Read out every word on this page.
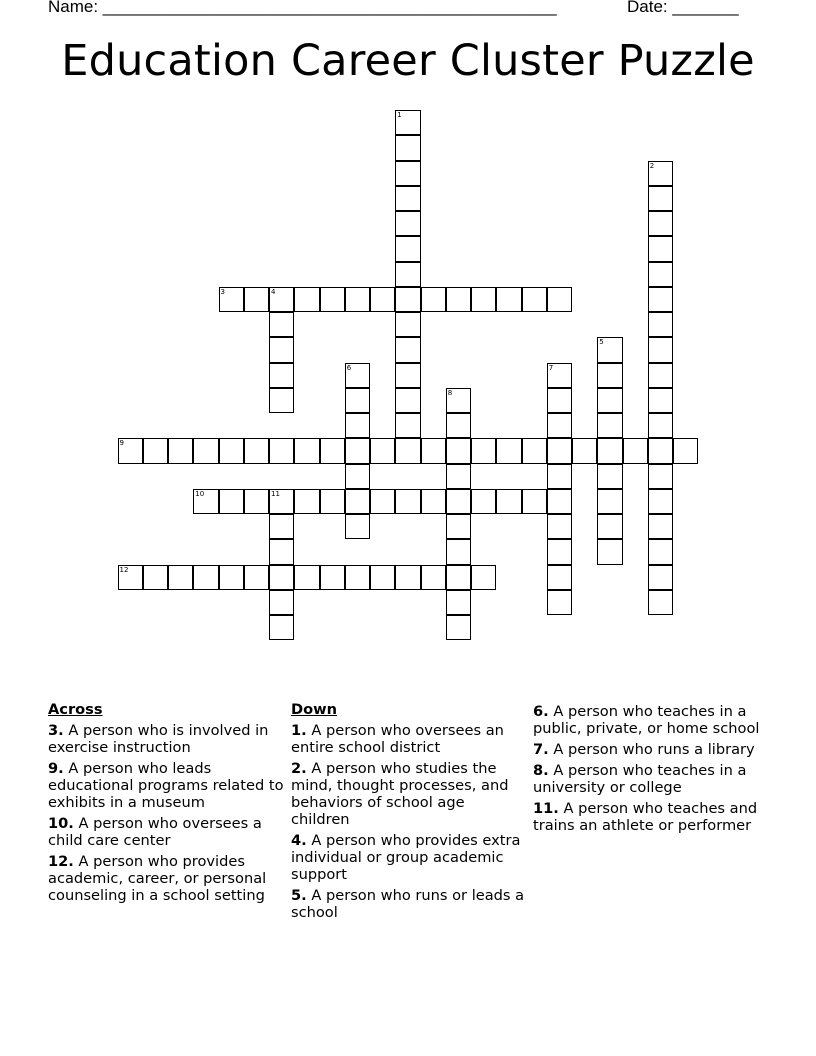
Name: ________________________________________________	Date: _______
Education Career Cluster Puzzle
1
2
3	4
5
6	7
8
9
10	11
12
Across
3. A person who is involved in exercise instruction
9. A person who leads educational programs related to exhibits in a museum
10. A person who oversees a child care center
12. A person who provides academic, career, or personal counseling in a school setting
Down
1. A person who oversees an entire school district
2. A person who studies the mind, thought processes, and behaviors of school age children
4. A person who provides extra individual or group academic support
5. A person who runs or leads a school
6. A person who teaches in a public, private, or home school
7. A person who runs a library
8. A person who teaches in a university or college
11. A person who teaches and trains an athlete or performer
